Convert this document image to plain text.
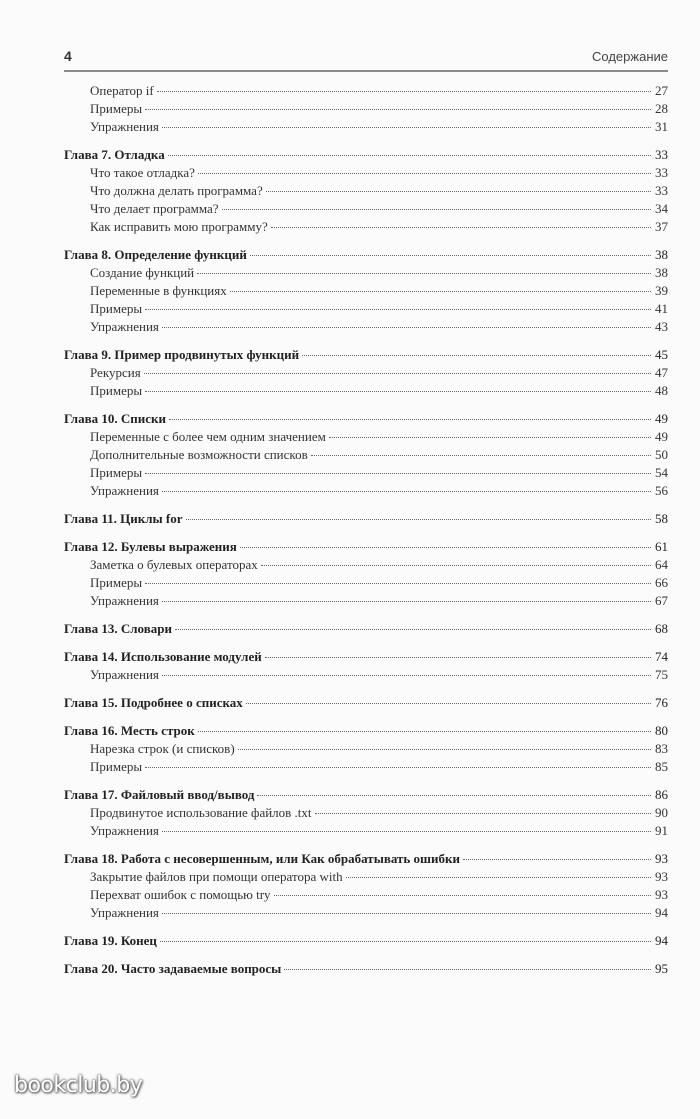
4	Содержание
Оператор if	27
Примеры	28
Упражнения	31
Глава 7. Отладка	33
Что такое отладка?	33
Что должна делать программа?	33
Что делает программа?	34
Как исправить мою программу?	37
Глава 8. Определение функций	38
Создание функций	38
Переменные в функциях	39
Примеры	41
Упражнения	43
Глава 9. Пример продвинутых функций	45
Рекурсия	47
Примеры	48
Глава 10. Списки	49
Переменные с более чем одним значением	49
Дополнительные возможности списков	50
Примеры	54
Упражнения	56
Глава 11. Циклы for	58
Глава 12. Булевы выражения	61
Заметка о булевых операторах	64
Примеры	66
Упражнения	67
Глава 13. Словари	68
Глава 14. Использование модулей	74
Упражнения	75
Глава 15. Подробнее о списках	76
Глава 16. Месть строк	80
Нарезка строк (и списков)	83
Примеры	85
Глава 17. Файловый ввод/вывод	86
Продвинутое использование файлов .txt	90
Упражнения	91
Глава 18. Работа с несовершенным, или Как обрабатывать ошибки	93
Закрытие файлов при помощи оператора with	93
Перехват ошибок с помощью try	93
Упражнения	94
Глава 19. Конец	94
Глава 20. Часто задаваемые вопросы	95
bookclub.by
